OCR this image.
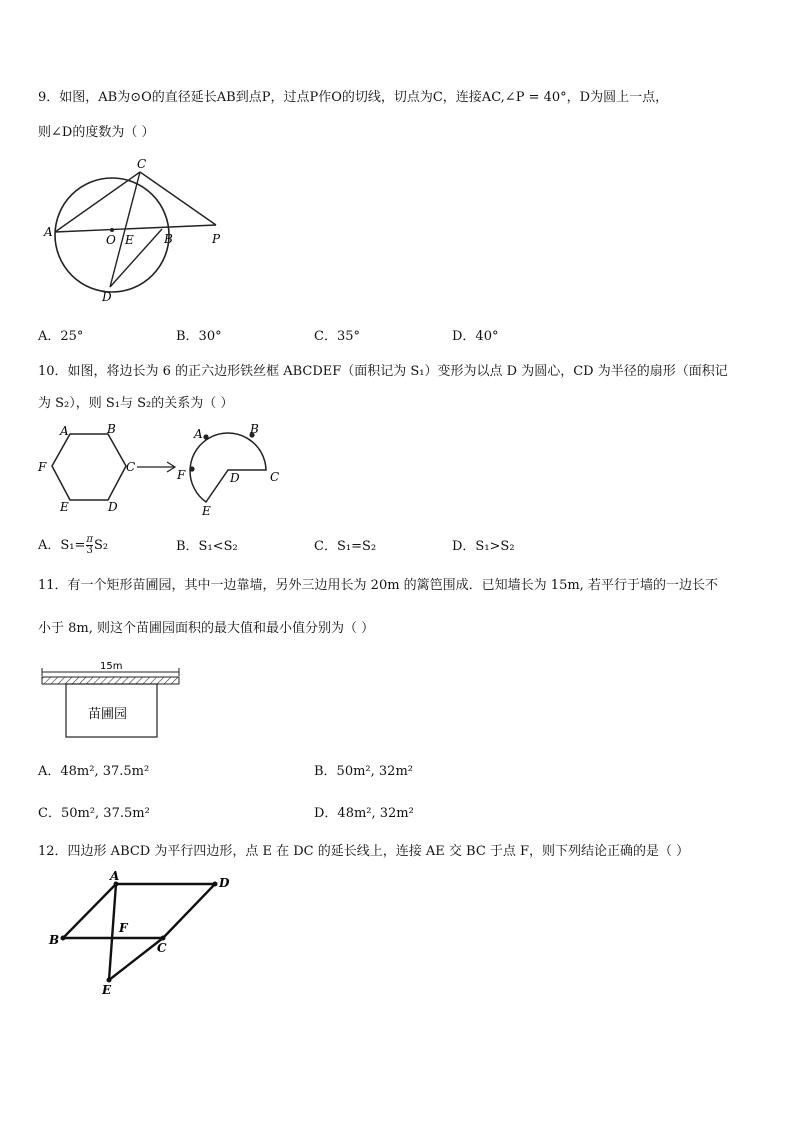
9．如图，AB为⊙O的直径延长AB到点P，过点P作O的切线，切点为C，连接AC,∠P = 40°，D为圆上一点，
则∠D的度数为（ ）
C
A
O E	B	P
D
A．25°	B．30°	C．35°	D．40°
10．如图，将边长为 6 的正六边形铁丝框 ABCDEF（面积记为 S₁）变形为以点 D 为圆心，CD 为半径的扇形（面积记
为 S₂），则 S₁与 S₂的关系为（ ）
A	B
C
D
E
F
A	B
C
D
E
F
A．$S_1= \frac{\pi}{3} S_2$	B．S₁<S₂	C．S₁=S₂	D．S₁>S₂
11．有一个矩形苗圃园，其中一边靠墙，另外三边用长为 20m 的篱笆围成．已知墙长为 15m, 若平行于墙的一边长不
小于 8m, 则这个苗圃园面积的最大值和最小值分别为（ ）
15m
苗圃园
A．48m², 37.5m²	B．50m², 32m²
C．50m², 37.5m²	D．48m², 32m²
12．四边形 ABCD 为平行四边形，点 E 在 DC 的延长线上，连接 AE 交 BC 于点 F，则下列结论正确的是（ ）
A	D
B
F
C
E
